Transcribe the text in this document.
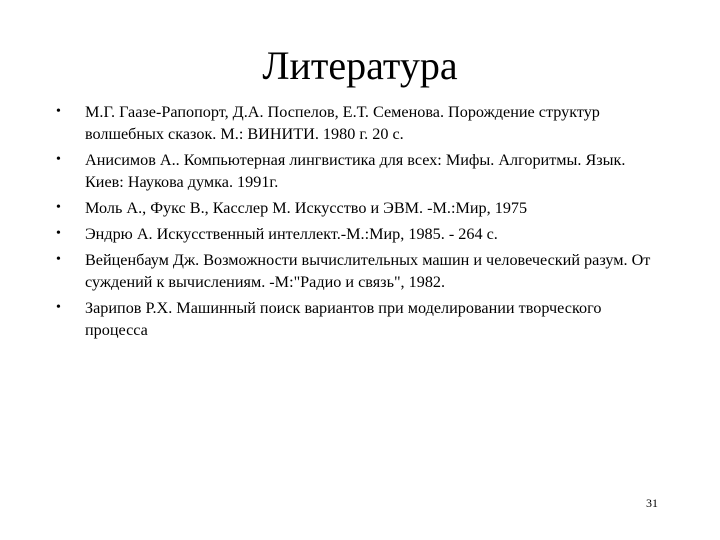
Литература
• М.Г. Гаазе-Рапопорт, Д.А. Поспелов, Е.Т. Семенова. Порождение структур волшебных сказок. М.: ВИНИТИ. 1980 г. 20 с.
• Анисимов А.. Компьютерная лингвистика для всех: Мифы. Алгоритмы. Язык. Киев: Наукова думка. 1991г.
• Моль А., Фукс В., Касслер М. Искусство и ЭВМ. -М.:Мир, 1975
• Эндрю А. Искусственный интеллект.-М.:Мир, 1985. - 264 с.
• Вейценбаум Дж. Возможности вычислительных машин и человеческий разум. От суждений к вычислениям. -М:"Радио и связь", 1982.
• Зарипов Р.Х. Машинный поиск вариантов при моделировании творческого процесса
31
